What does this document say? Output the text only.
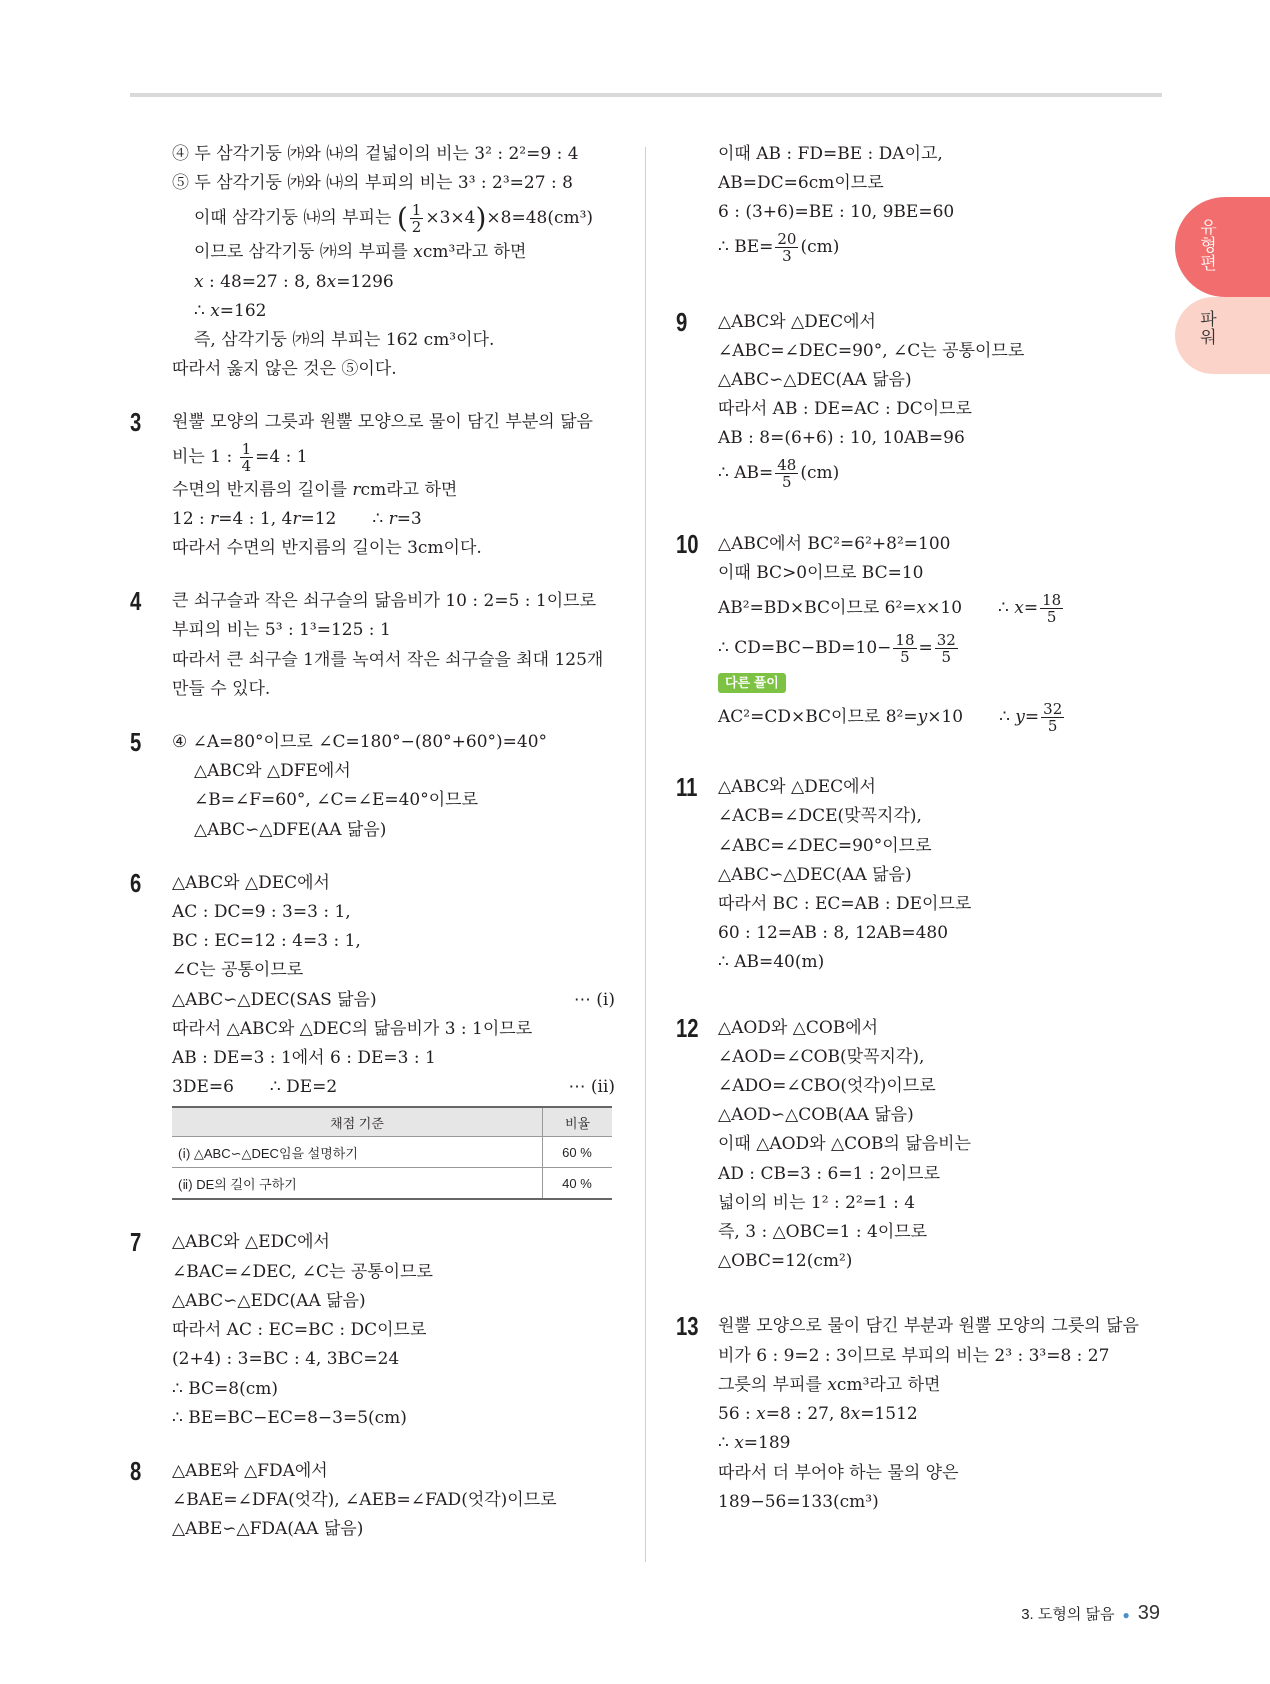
유형편
파워
④ 두 삼각기둥 ㈎와 ㈏의 겉넓이의 비는 3² : 2²=9 : 4
⑤ 두 삼각기둥 ㈎와 ㈏의 부피의 비는 3³ : 2³=27 : 8
이때 삼각기둥 ㈏의 부피는 ( $\frac{1}{2} \times 3\times 4)\times 8=48(cm^3)$
이므로 삼각기둥 ㈎의 부피를 𝑥cm³라고 하면
𝑥 : 48=27 : 8, 8𝑥=1296
∴ 𝑥=162
즉, 삼각기둥 ㈎의 부피는 162 cm³이다.
따라서 옳지 않은 것은 ⑤이다.
3 원뿔 모양의 그릇과 원뿔 모양으로 물이 담긴 부분의 닮음
비는 1 : $\frac{1}{4} =4$ : 1
수면의 반지름의 길이를 𝑟cm라고 하면
12 : 𝑟=4 : 1, 4𝑟=12 ∴ 𝑟=3
따라서 수면의 반지름의 길이는 3cm이다.
4 큰 쇠구슬과 작은 쇠구슬의 닮음비가 10 : 2=5 : 1이므로
부피의 비는 5³ : 1³=125 : 1
따라서 큰 쇠구슬 1개를 녹여서 작은 쇠구슬을 최대 125개
만들 수 있다.
5 ④ ∠A=80°이므로 ∠C=180°−(80°+60°)=40°
△ABC와 △DFE에서
∠B=∠F=60°, ∠C=∠E=40°이므로
△ABC∽△DFE(AA 닮음)
6 △ABC와 △DEC에서
AC : DC=9 : 3=3 : 1,
BC : EC=12 : 4=3 : 1,
∠C는 공통이므로
△ABC∽△DEC(SAS 닮음)	⋯ (ⅰ)
따라서 △ABC와 △DEC의 닮음비가 3 : 1이므로
AB : DE=3 : 1에서 6 : DE=3 : 1
3DE=6 ∴ DE=2	⋯ (ⅱ)
채점 기준	비율
(ⅰ) △ABC∽△DEC임을 설명하기	60 %
(ⅱ) DE의 길이 구하기	40 %
7 △ABC와 △EDC에서
∠BAC=∠DEC, ∠C는 공통이므로
△ABC∽△EDC(AA 닮음)
따라서 AC : EC=BC : DC이므로
(2+4) : 3=BC : 4, 3BC=24
∴ BC=8(cm)
∴ BE=BC−EC=8−3=5(cm)
8 △ABE와 △FDA에서
∠BAE=∠DFA(엇각), ∠AEB=∠FAD(엇각)이므로
△ABE∽△FDA(AA 닮음)
이때 AB : FD=BE : DA이고,
AB=DC=6cm이므로
6 : (3+6)=BE : 10, 9BE=60
∴ $BE= \frac{20}{3} (cm)$
9 △ABC와 △DEC에서
∠ABC=∠DEC=90°, ∠C는 공통이므로
△ABC∽△DEC(AA 닮음)
따라서 AB : DE=AC : DC이므로
AB : 8=(6+6) : 10, 10AB=96
∴ $AB= \frac{48}{5} (cm)$
10 △ABC에서 BC²=6²+8²=100
이때 BC>0이므로 BC=10
AB²=BD×BC이므로 6²=𝑥×10 ∴ 𝑥= $\frac{18}{5}$
∴ $CD=BC-BD=10- \frac{18}{5} = \frac{32}{5}$
다른 풀이
AC²=CD×BC이므로 8²=𝑦×10 ∴ 𝑦= $\frac{32}{5}$
11 △ABC와 △DEC에서
∠ACB=∠DCE(맞꼭지각),
∠ABC=∠DEC=90°이므로
△ABC∽△DEC(AA 닮음)
따라서 BC : EC=AB : DE이므로
60 : 12=AB : 8, 12AB=480
∴ AB=40(m)
12 △AOD와 △COB에서
∠AOD=∠COB(맞꼭지각),
∠ADO=∠CBO(엇각)이므로
△AOD∽△COB(AA 닮음)
이때 △AOD와 △COB의 닮음비는
AD : CB=3 : 6=1 : 2이므로
넓이의 비는 1² : 2²=1 : 4
즉, 3 : △OBC=1 : 4이므로
△OBC=12(cm²)
13 원뿔 모양으로 물이 담긴 부분과 원뿔 모양의 그릇의 닮음
비가 6 : 9=2 : 3이므로 부피의 비는 2³ : 3³=8 : 27
그릇의 부피를 𝑥cm³라고 하면
56 : 𝑥=8 : 27, 8𝑥=1512
∴ 𝑥=189
따라서 더 부어야 하는 물의 양은
189−56=133(cm³)
3. 도형의 닮음 ● 39
